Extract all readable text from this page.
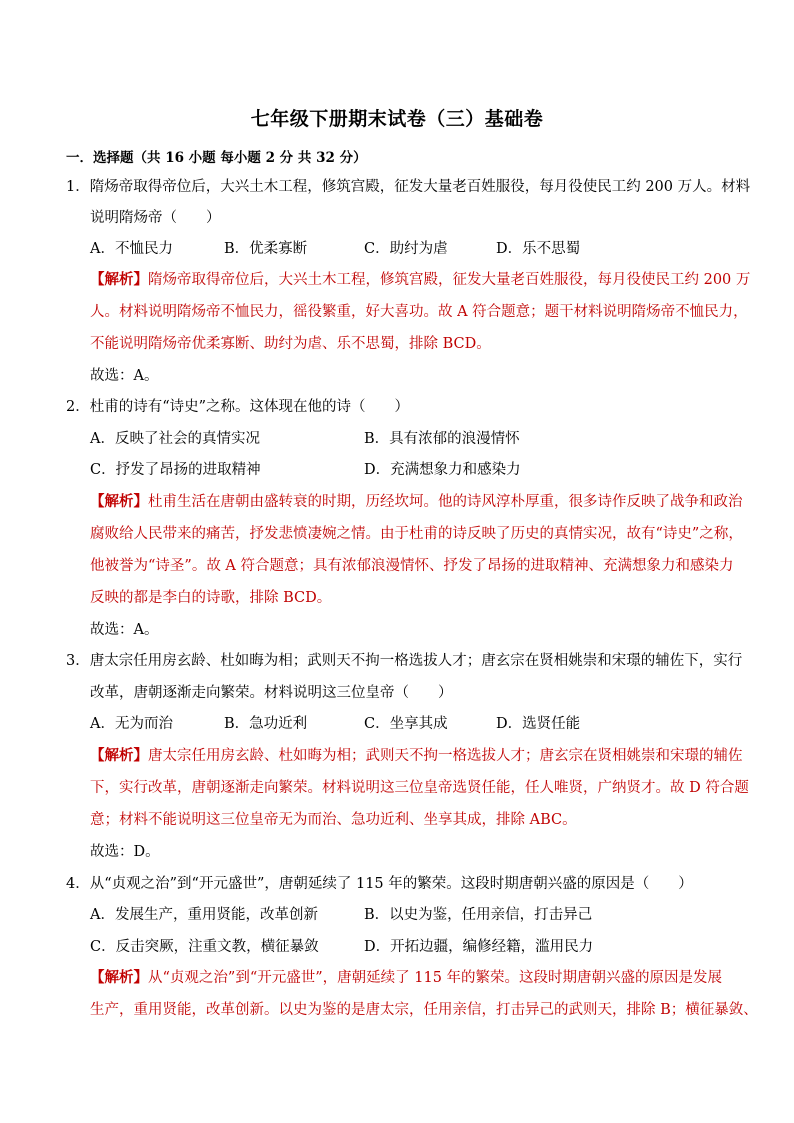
七年级下册期末试卷（三）基础卷
一．选择题（共 16 小题 每小题 2 分 共 32 分）
1．隋炀帝取得帝位后，大兴土木工程，修筑宫殿，征发大量老百姓服役，每月役使民工约 200 万人。材料
说明隋炀帝（　　）
A．不恤民力	B．优柔寡断	C．助纣为虐	D．乐不思蜀
【解析】隋炀帝取得帝位后，大兴土木工程，修筑宫殿，征发大量老百姓服役，每月役使民工约 200 万
人。材料说明隋炀帝不恤民力，徭役繁重，好大喜功。故 A 符合题意；题干材料说明隋炀帝不恤民力，
不能说明隋炀帝优柔寡断、助纣为虐、乐不思蜀，排除 BCD。
故选：A。
2．杜甫的诗有“诗史”之称。这体现在他的诗（　　）
A．反映了社会的真情实况	B．具有浓郁的浪漫情怀
C．抒发了昂扬的进取精神	D．充满想象力和感染力
【解析】杜甫生活在唐朝由盛转衰的时期，历经坎坷。他的诗风淳朴厚重，很多诗作反映了战争和政治
腐败给人民带来的痛苦，抒发悲愤凄婉之情。由于杜甫的诗反映了历史的真情实况，故有“诗史”之称，
他被誉为“诗圣”。故 A 符合题意；具有浓郁浪漫情怀、抒发了昂扬的进取精神、充满想象力和感染力
反映的都是李白的诗歌，排除 BCD。
故选：A。
3．唐太宗任用房玄龄、杜如晦为相；武则天不拘一格选拔人才；唐玄宗在贤相姚崇和宋璟的辅佐下，实行
改革，唐朝逐渐走向繁荣。材料说明这三位皇帝（　　）
A．无为而治	B．急功近利	C．坐享其成	D．选贤任能
【解析】唐太宗任用房玄龄、杜如晦为相；武则天不拘一格选拔人才；唐玄宗在贤相姚崇和宋璟的辅佐
下，实行改革，唐朝逐渐走向繁荣。材料说明这三位皇帝选贤任能，任人唯贤，广纳贤才。故 D 符合题
意；材料不能说明这三位皇帝无为而治、急功近利、坐享其成，排除 ABC。
故选：D。
4．从“贞观之治”到“开元盛世”，唐朝延续了 115 年的繁荣。这段时期唐朝兴盛的原因是（　　）
A．发展生产，重用贤能，改革创新	B．以史为鉴，任用亲信，打击异己
C．反击突厥，注重文教，横征暴敛	D．开拓边疆，编修经籍，滥用民力
【解析】从“贞观之治”到“开元盛世”，唐朝延续了 115 年的繁荣。这段时期唐朝兴盛的原因是发展
生产，重用贤能，改革创新。以史为鉴的是唐太宗，任用亲信，打击异己的武则天，排除 B；横征暴敛、
